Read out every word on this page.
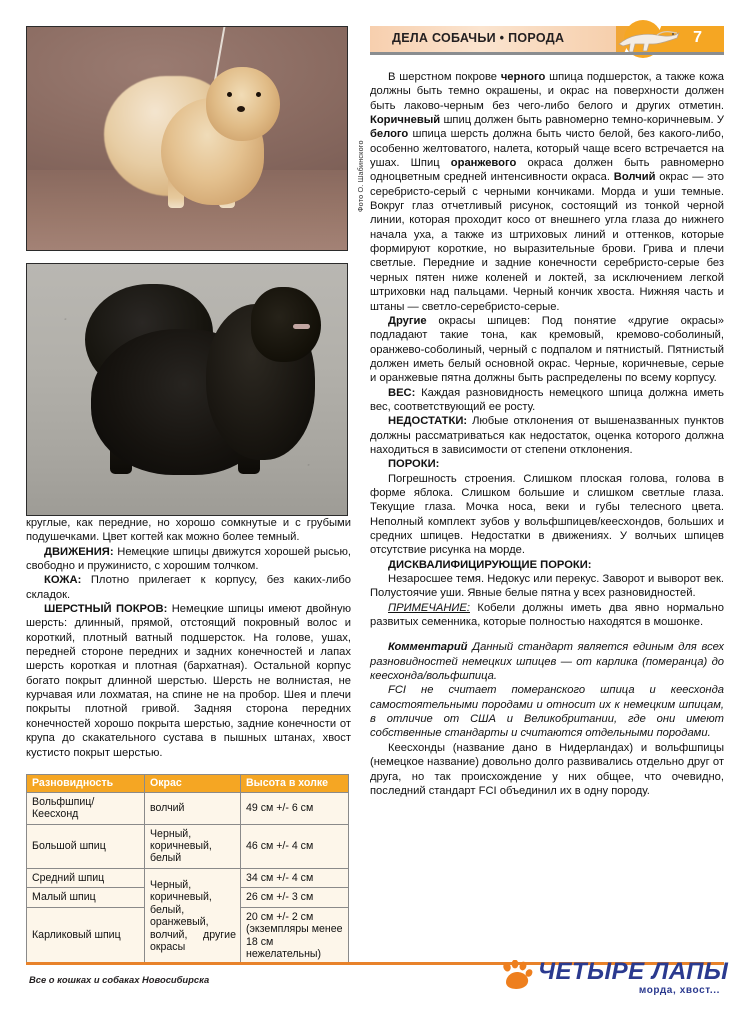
круглые, как передние, но хорошо сомкнутые и с грубыми подушечками. Цвет когтей как можно более темный.

ДВИЖЕНИЯ: Немецкие шпицы движутся хорошей рысью, свободно и пружинисто, с хорошим толчком.

КОЖА: Плотно прилегает к корпусу, без каких-либо складок.

ШЕРСТНЫЙ ПОКРОВ: Немецкие шпицы имеют двойную шерсть: длинный, прямой, отстоящий покровный волос и короткий, плотный ватный подшерсток. На голове, ушах, передней стороне передних и задних конечностей и лапах шерсть короткая и плотная (бархатная). Остальной корпус богато покрыт длинной шерстью. Шерсть не волнистая, не курчавая или лохматая, на спине не на пробор. Шея и плечи покрыты плотной гривой. Задняя сторона передних конечностей хорошо покрыта шерстью, задние конечности от крупа до скакательного сустава в пышных штанах, хвост кустисто покрыт шерстью.

Разновидность	Окрас	Высота в холке
Вольфшпиц/ Кеесхонд	волчий	49 см +/- 6 см
Большой шпиц	Черный, коричневый, белый	46 см +/- 4 см
Средний шпиц	Черный, коричневый, белый, оранжевый, волчий, другие окрасы	34 см +/- 4 см
Малый шпиц		26 см +/- 3 см
Карликовый шпиц		20 см +/- 2 см (экземпляры менее 18 см нежелательны)
Фото О. Шабинского
ДЕЛА СОБАЧЬИ • ПОРОДА	7

В шерстном покрове черного шпица подшерсток, а также кожа должны быть темно окрашены, и окрас на поверхности должен быть лаково-черным без чего-либо белого и других отметин. Коричневый шпиц должен быть равномерно темно-коричневым. У белого шпица шерсть должна быть чисто белой, без какого-либо, особенно желтоватого, налета, который чаще всего встречается на ушах. Шпиц оранжевого окраса должен быть равномерно одноцветным средней интенсивности окраса. Волчий окрас — это серебристо-серый с черными кончиками. Морда и уши темные. Вокруг глаз отчетливый рисунок, состоящий из тонкой черной линии, которая проходит косо от внешнего угла глаза до нижнего начала уха, а также из штриховых линий и оттенков, которые формируют короткие, но выразительные брови. Грива и плечи светлые. Передние и задние конечности серебристо-серые без черных пятен ниже коленей и локтей, за исключением легкой штриховки над пальцами. Черный кончик хвоста. Нижняя часть и штаны — светло-серебристо-серые.

Другие окрасы шпицев: Под понятие «другие окрасы» подладают такие тона, как кремовый, кремово-соболиный, оранжево-соболиный, черный с подпалом и пятнистый. Пятнистый должен иметь белый основной окрас. Черные, коричневые, серые и оранжевые пятна должны быть распределены по всему корпусу.

ВЕС: Каждая разновидность немецкого шпица должна иметь вес, соответствующий ее росту.

НЕДОСТАТКИ: Любые отклонения от вышеназванных пунктов должны рассматриваться как недостаток, оценка которого должна находиться в зависимости от степени отклонения.

ПОРОКИ:

Погрешность строения. Слишком плоская голова, голова в форме яблока. Слишком большие и слишком светлые глаза. Текущие глаза. Мочка носа, веки и губы телесного цвета. Неполный комплект зубов у вольфшпицев/кеесхондов, больших и средних шпицев. Недостатки в движениях. У волчьих шпицев отсутствие рисунка на морде.

ДИСКВАЛИФИЦИРУЮЩИЕ ПОРОКИ:

Незаросшее темя. Недокус или перекус. Заворот и выворот век. Полустоячие уши. Явные белые пятна у всех разновидностей.

ПРИМЕЧАНИЕ: Кобели должны иметь два явно нормально развитых семенника, которые полностью находятся в мошонке.

Комментарий Данный стандарт является единым для всех разновидностей немецких шпицев — от карлика (померанца) до кеесхонда/вольфшпица.

FCI не считает померанского шпица и кеесхонда самостоятельными породами и относит их к немецким шпицам, в отличие от США и Великобритании, где они имеют собственные стандарты и считаются отдельными породами.

Кеесхонды (название дано в Нидерландах) и вольфшпицы (немецкое название) довольно долго развивались отдельно друг от друга, но так происхождение у них общее, что очевидно, последний стандарт FCI объединил их в одну породу.

Все о кошках и собаках Новосибирска	ЧЕТЫРЕ ЛАПЫ
морда, хвост...
